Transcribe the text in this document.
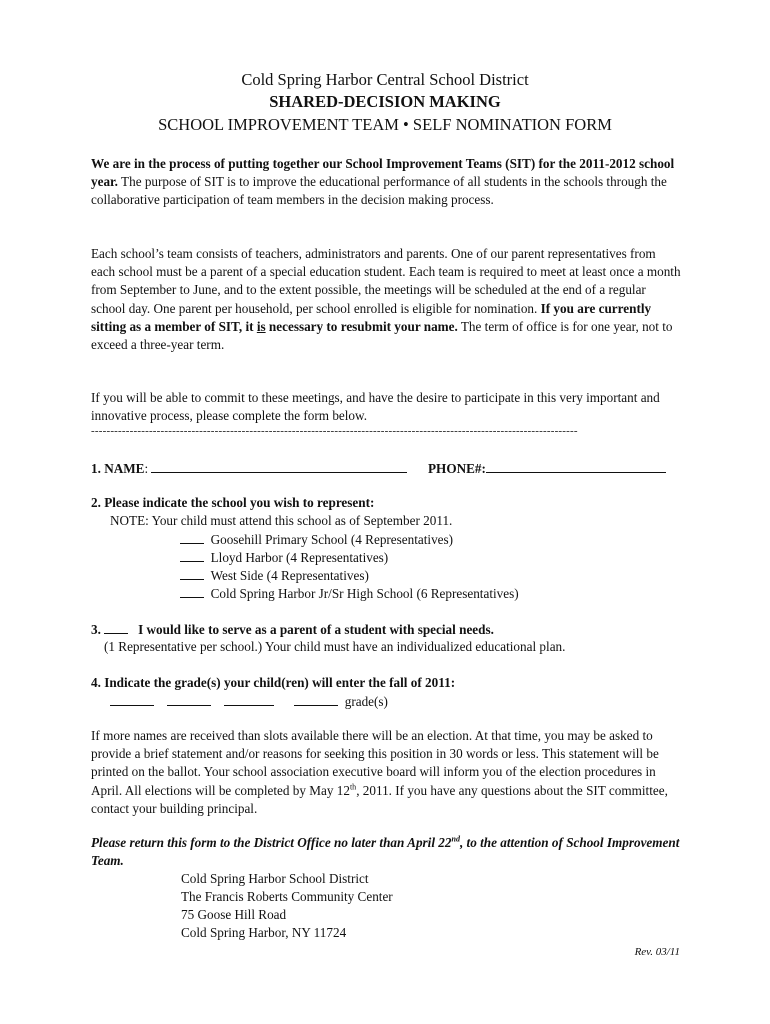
Cold Spring Harbor Central School District
SHARED-DECISION MAKING
SCHOOL IMPROVEMENT TEAM • SELF NOMINATION FORM

We are in the process of putting together our School Improvement Teams (SIT) for the 2011-2012 school year. The purpose of SIT is to improve the educational performance of all students in the schools through the collaborative participation of team members in the decision making process.

Each school’s team consists of teachers, administrators and parents. One of our parent representatives from each school must be a parent of a special education student. Each team is required to meet at least once a month from September to June, and to the extent possible, the meetings will be scheduled at the end of a regular school day. One parent per household, per school enrolled is eligible for nomination. If you are currently sitting as a member of SIT, it is necessary to resubmit your name. The term of office is for one year, not to exceed a three-year term.

If you will be able to commit to these meetings, and have the desire to participate in this very important and innovative process, please complete the form below.

------------------------------------------------------------------------------------------------------------------------------
1. NAME:	PHONE#:
2. Please indicate the school you wish to represent:
NOTE: Your child must attend this school as of September 2011.
Goosehill Primary School (4 Representatives)
Lloyd Harbor (4 Representatives)
West Side (4 Representatives)
Cold Spring Harbor Jr/Sr High School (6 Representatives)
3.	I would like to serve as a parent of a student with special needs.
(1 Representative per school.) Your child must have an individualized educational plan.
4. Indicate the grade(s) your child(ren) will enter the fall of 2011:
grade(s)

If more names are received than slots available there will be an election. At that time, you may be asked to provide a brief statement and/or reasons for seeking this position in 30 words or less. This statement will be printed on the ballot. Your school association executive board will inform you of the election procedures in April. All elections will be completed by May 12th, 2011. If you have any questions about the SIT committee, contact your building principal.

Please return this form to the District Office no later than April 22nd, to the attention of School Improvement Team.

Cold Spring Harbor School District
The Francis Roberts Community Center
75 Goose Hill Road
Cold Spring Harbor, NY 11724
Rev. 03/11
